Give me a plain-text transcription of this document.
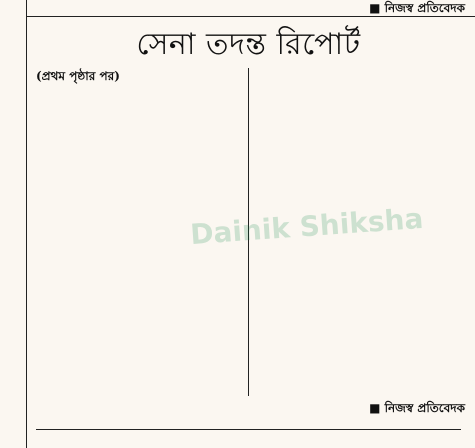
■ নিজস্ব প্রতিবেদক
সেনা তদন্ত রিপোর্ট
(প্রথম পৃষ্ঠার পর)
■ নিজস্ব প্রতিবেদক
Dainik Shiksha
